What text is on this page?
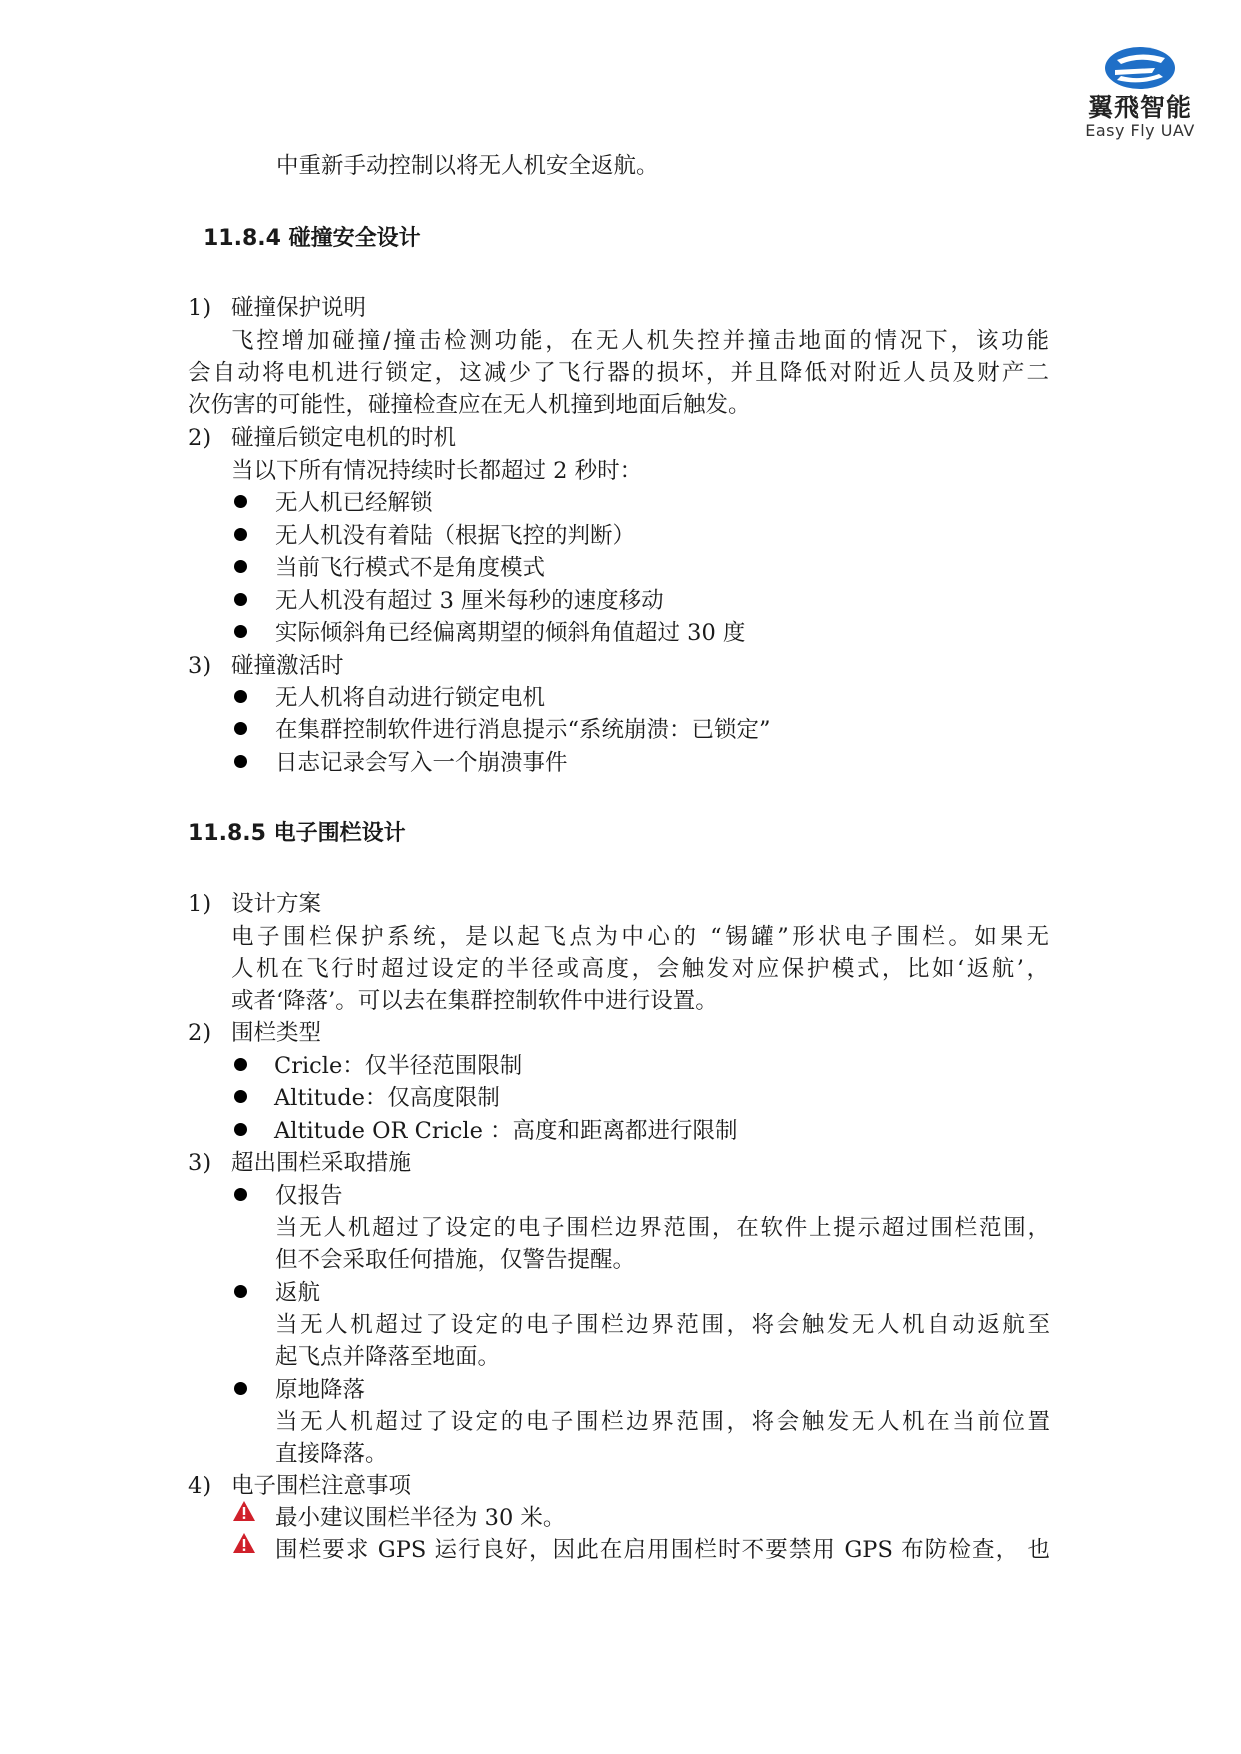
翼飛智能
Easy Fly UAV
中重新手动控制以将无人机安全返航。
11.8.4 碰撞安全设计
1) 碰撞保护说明
飞控增加碰撞/撞击检测功能，在无人机失控并撞击地面的情况下，该功能
会自动将电机进行锁定，这减少了飞行器的损坏，并且降低对附近人员及财产二
次伤害的可能性，碰撞检查应在无人机撞到地面后触发。
2) 碰撞后锁定电机的时机
当以下所有情况持续时长都超过 2 秒时：
无人机已经解锁
无人机没有着陆（根据飞控的判断）
当前飞行模式不是角度模式
无人机没有超过 3 厘米每秒的速度移动
实际倾斜角已经偏离期望的倾斜角值超过 30 度
3) 碰撞激活时
无人机将自动进行锁定电机
在集群控制软件进行消息提示“系统崩溃：已锁定”
日志记录会写入一个崩溃事件
11.8.5 电子围栏设计
1) 设计方案
电子围栏保护系统，是以起飞点为中心的 “锡罐”形状电子围栏。如果无
人机在飞行时超过设定的半径或高度，会触发对应保护模式，比如‘返航’，
或者‘降落’。可以去在集群控制软件中进行设置。
2) 围栏类型
Cricle：仅半径范围限制
Altitude：仅高度限制
Altitude OR Cricle ：高度和距离都进行限制
3) 超出围栏采取措施
仅报告
当无人机超过了设定的电子围栏边界范围，在软件上提示超过围栏范围，
但不会采取任何措施，仅警告提醒。
返航
当无人机超过了设定的电子围栏边界范围，将会触发无人机自动返航至
起飞点并降落至地面。
原地降落
当无人机超过了设定的电子围栏边界范围，将会触发无人机在当前位置
直接降落。
4) 电子围栏注意事项
最小建议围栏半径为 30 米。
围栏要求 GPS 运行良好，因此在启用围栏时不要禁用 GPS 布防检查， 也
